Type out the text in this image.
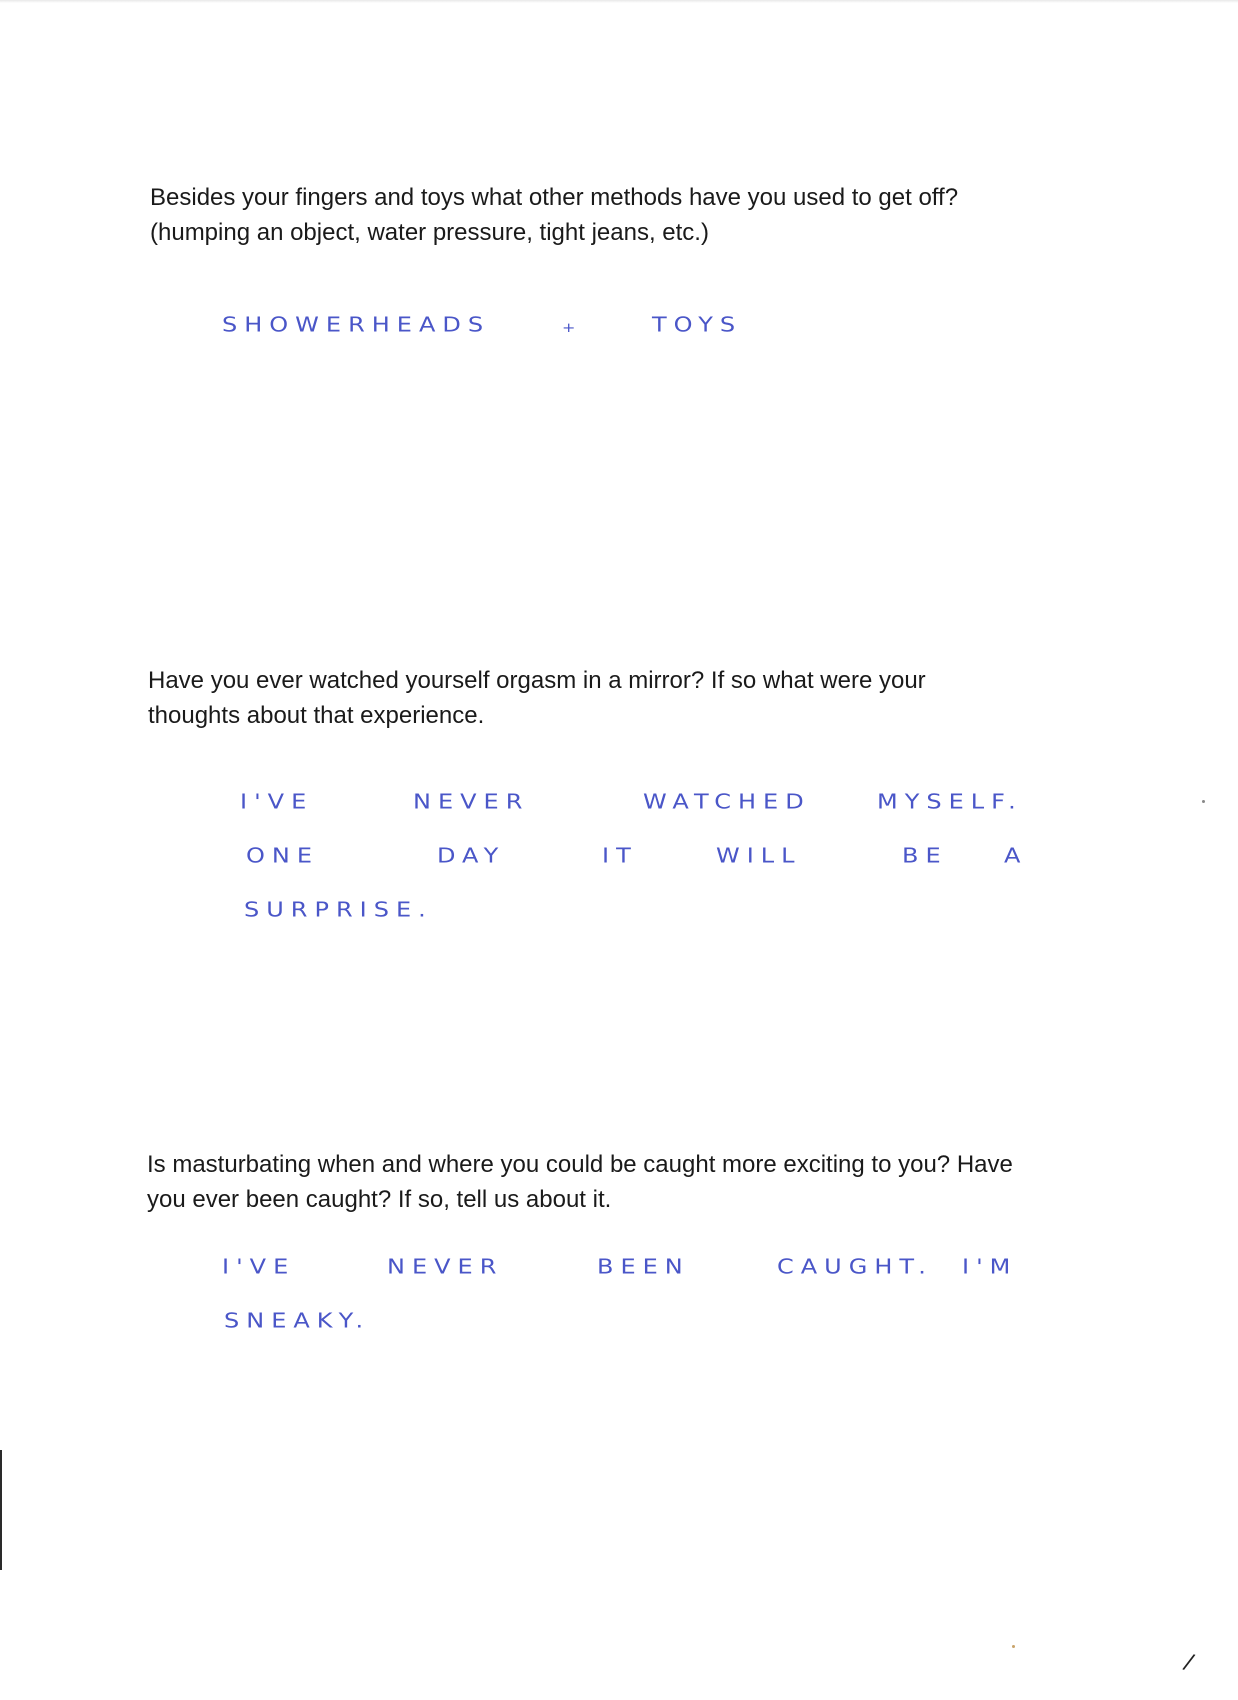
Besides your fingers and toys what other methods have you used to get off?
(humping an object, water pressure, tight jeans, etc.)
SHOWERHEADS	+	TOYS
Have you ever watched yourself orgasm in a mirror? If so what were your
thoughts about that experience.
I'VE	NEVER	WATCHED	MYSELF.
ONE	DAY	IT	WILL	BE A
SURPRISE.
Is masturbating when and where you could be caught more exciting to you? Have
you ever been caught? If so, tell us about it.
I'VE	NEVER	BEEN	CAUGHT. I'M
SNEAKY.
/
